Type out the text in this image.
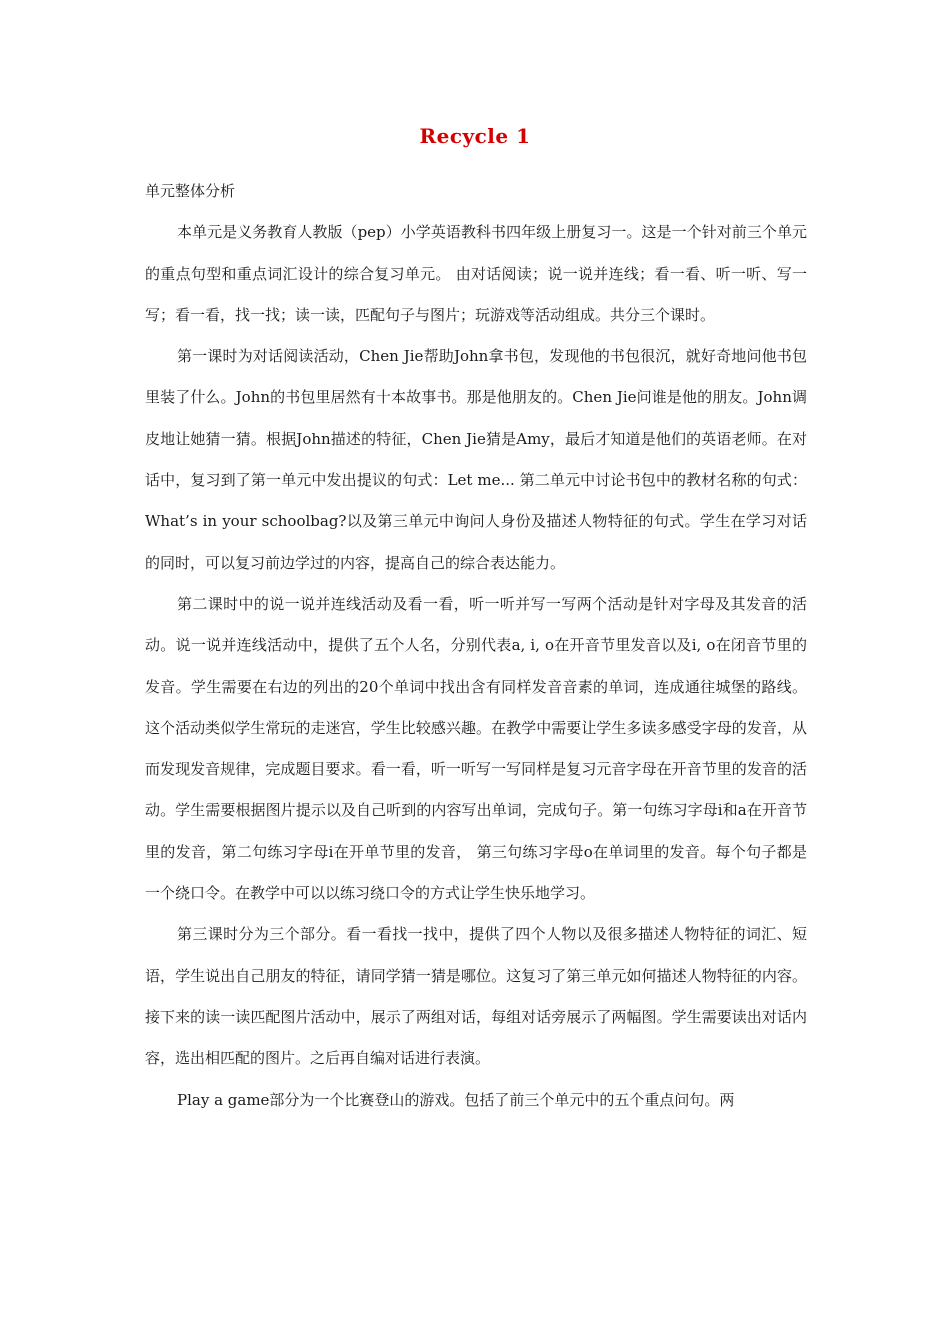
Recycle 1

单元整体分析

本单元是义务教育人教版（pep）小学英语教科书四年级上册复习一。这是一个针对前三个单元的重点句型和重点词汇设计的综合复习单元。 由对话阅读；说一说并连线；看一看、听一听、写一写；看一看，找一找；读一读，匹配句子与图片；玩游戏等活动组成。共分三个课时。

第一课时为对话阅读活动，Chen Jie帮助John拿书包，发现他的书包很沉，就好奇地问他书包里装了什么。John的书包里居然有十本故事书。那是他朋友的。Chen Jie问谁是他的朋友。John调皮地让她猜一猜。根据John描述的特征，Chen Jie猜是Amy，最后才知道是他们的英语老师。在对话中，复习到了第一单元中发出提议的句式：Let me... 第二单元中讨论书包中的教材名称的句式：What’s in your schoolbag?以及第三单元中询问人身份及描述人物特征的句式。学生在学习对话的同时，可以复习前边学过的内容，提高自己的综合表达能力。

第二课时中的说一说并连线活动及看一看，听一听并写一写两个活动是针对字母及其发音的活动。说一说并连线活动中，提供了五个人名，分别代表a, i, o在开音节里发音以及i, o在闭音节里的发音。学生需要在右边的列出的20个单词中找出含有同样发音音素的单词，连成通往城堡的路线。这个活动类似学生常玩的走迷宫，学生比较感兴趣。在教学中需要让学生多读多感受字母的发音，从而发现发音规律，完成题目要求。看一看，听一听写一写同样是复习元音字母在开音节里的发音的活动。学生需要根据图片提示以及自己听到的内容写出单词，完成句子。第一句练习字母i和a在开音节里的发音，第二句练习字母i在开单节里的发音， 第三句练习字母o在单词里的发音。每个句子都是一个绕口令。在教学中可以以练习绕口令的方式让学生快乐地学习。

第三课时分为三个部分。看一看找一找中，提供了四个人物以及很多描述人物特征的词汇、短语，学生说出自己朋友的特征，请同学猜一猜是哪位。这复习了第三单元如何描述人物特征的内容。接下来的读一读匹配图片活动中，展示了两组对话，每组对话旁展示了两幅图。学生需要读出对话内容，选出相匹配的图片。之后再自编对话进行表演。

Play a game部分为一个比赛登山的游戏。包括了前三个单元中的五个重点问句。两
